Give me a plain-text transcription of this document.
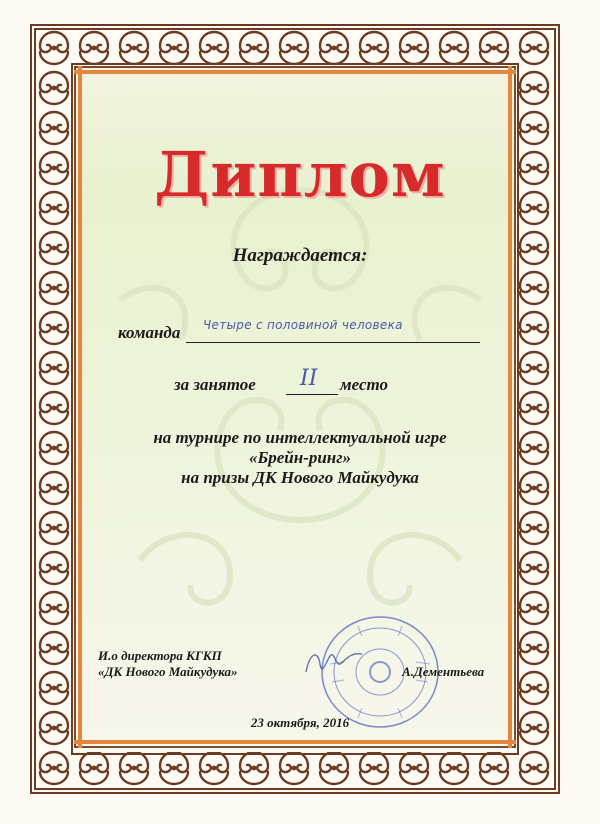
Диплом
Награждается:
команда Четыре с половиной человека
за занятое II место
на турнире по интеллектуальной игре
«Брейн-ринг»
на призы ДК Нового Майкудука
И.о директора КГКП
«ДК Нового Майкудука»	А.Дементьева
23 октября, 2016
